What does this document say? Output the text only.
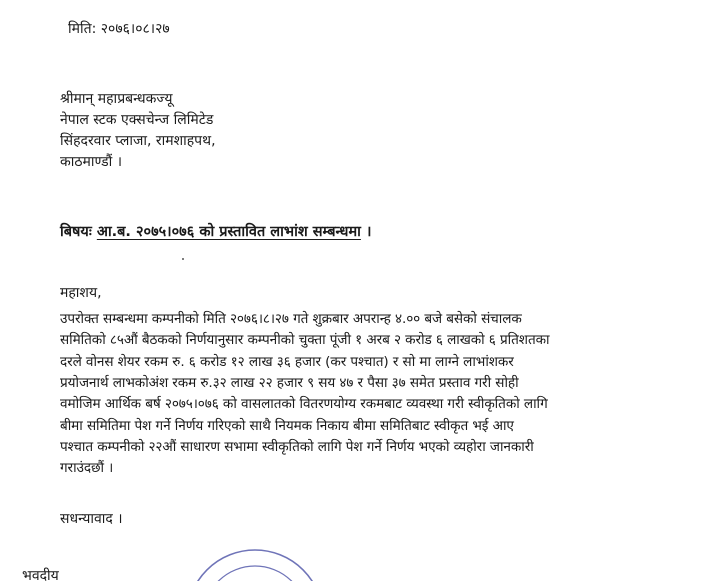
मिति: २०७६।०८।२७
श्रीमान् महाप्रबन्धकज्यू
नेपाल स्टक एक्सचेन्ज लिमिटेड
सिंहदरवार प्लाजा, रामशाहपथ,
काठमाण्डौं ।
बिषयः आ.ब. २०७५।०७६ को प्रस्तावित लाभांश सम्बन्धमा ।
महाशय,
उपरोक्त सम्बन्धमा कम्पनीको मिति २०७६।८।२७ गते शुक्रबार अपरान्ह ४.०० बजे बसेको संचालक
समितिको ८५औं बैठकको निर्णयानुसार कम्पनीको चुक्ता पूंजी १ अरब २ करोड ६ लाखको ६ प्रतिशतका
दरले वोनस शेयर रकम रु. ६ करोड १२ लाख ३६ हजार (कर पश्चात) र सो मा लाग्ने लाभांशकर
प्रयोजनार्थ लाभकोअंश रकम रु.३२ लाख २२ हजार ९ सय ४७ र पैसा ३७ समेत प्रस्ताव गरी सोही
वमोजिम आर्थिक बर्ष २०७५।०७६ को वासलातको वितरणयोग्य रकमबाट व्यवस्था गरी स्वीकृतिको लागि
बीमा समितिमा पेश गर्ने निर्णय गरिएको साथै नियमक निकाय बीमा समितिबाट स्वीकृत भई आए
पश्चात कम्पनीको २२औं साधारण सभामा स्वीकृतिको लागि पेश गर्ने निर्णय भएको व्यहोरा जानकारी
गराउंदछौं ।
सधन्यावाद ।
भवदीय
